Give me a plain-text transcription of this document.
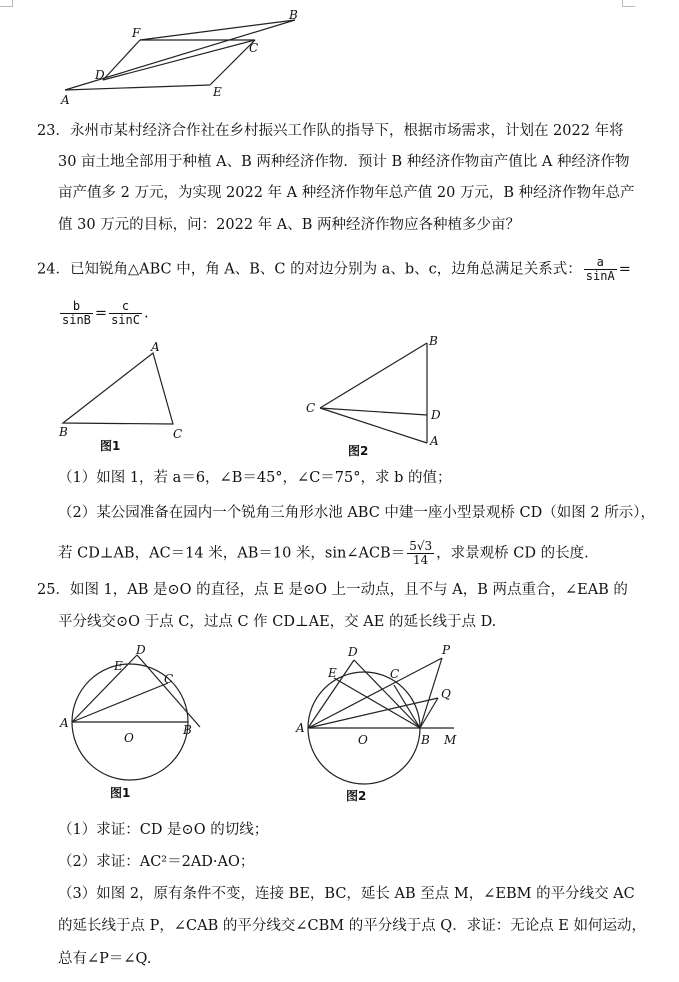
B
F
C
D
E
A
23．永州市某村经济合作社在乡村振兴工作队的指导下，根据市场需求，计划在 2022 年将
30 亩土地全部用于种植 A、B 两种经济作物．预计 B 种经济作物亩产值比 A 种经济作物
亩产值多 2 万元，为实现 2022 年 A 种经济作物年总产值 20 万元，B 种经济作物年总产
值 30 万元的目标，问：2022 年 A、B 两种经济作物应各种植多少亩？
24．已知锐角△ABC 中，角 A、B、C 的对边分别为 a、b、c，边角总满足关系式： $\frac{a}{\sin A}$ =
$\frac{b}{\sin B} = \frac{c}{\sin C}$ .
A
B	C
图1
B
C	D
A
图2
（1）如图 1，若 a＝6，∠B＝45°，∠C＝75°，求 b 的值；
（2）某公园准备在园内一个锐角三角形水池 ABC 中建一座小型景观桥 CD（如图 2 所示），
若 CD⊥AB，AC＝14 米，AB＝10 米，sin∠ACB＝ $\frac{5√3}{14}$ ，求景观桥 CD 的长度.
25．如图 1，AB 是⊙O 的直径，点 E 是⊙O 上一动点，且不与 A，B 两点重合，∠EAB 的
平分线交⊙O 于点 C，过点 C 作 CD⊥AE，交 AE 的延长线于点 D.
D
E
C
A	B
O
图1
D
E	C
P
Q
A
O	B M
图2
（1）求证：CD 是⊙O 的切线；
（2）求证：AC²＝2AD·AO；
（3）如图 2，原有条件不变，连接 BE，BC，延长 AB 至点 M，∠EBM 的平分线交 AC
的延长线于点 P，∠CAB 的平分线交∠CBM 的平分线于点 Q．求证：无论点 E 如何运动，
总有∠P＝∠Q.
